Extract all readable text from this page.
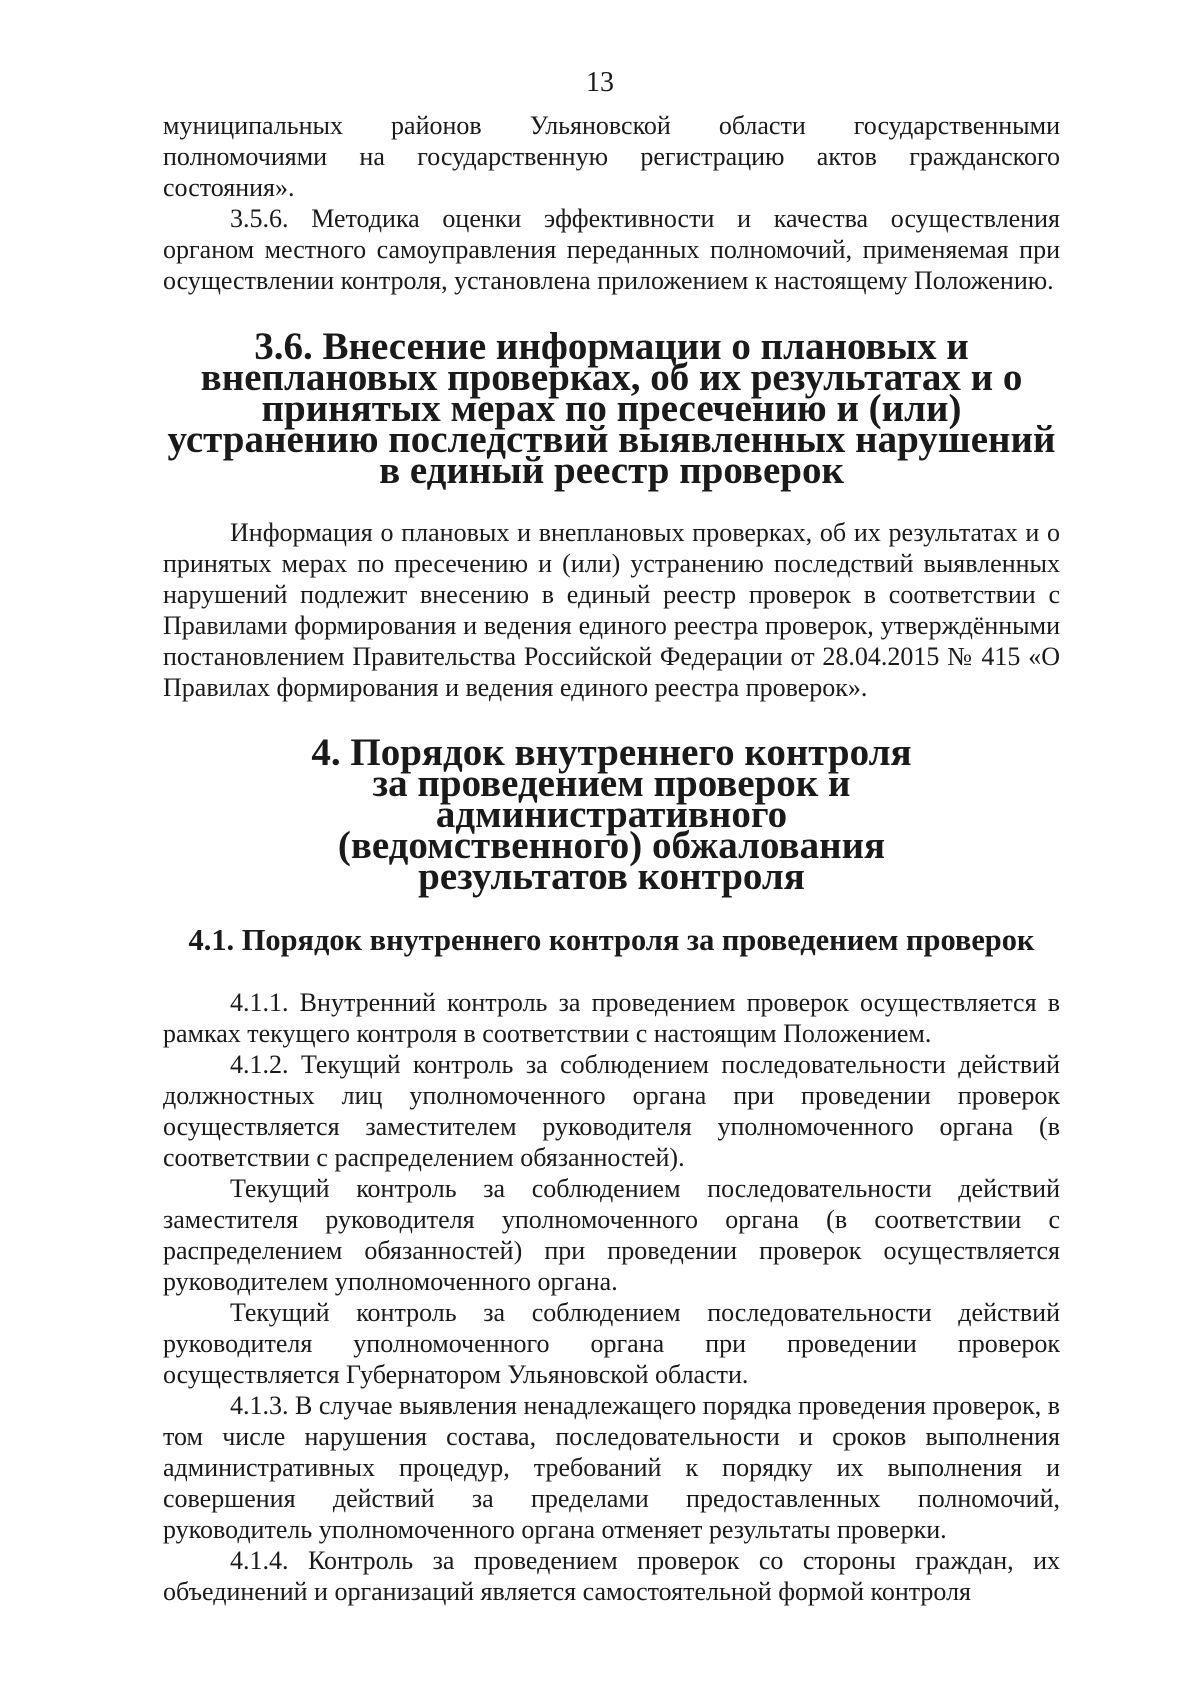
13

муниципальных районов Ульяновской области государственными полномочиями на государственную регистрацию актов гражданского состояния».

3.5.6. Методика оценки эффективности и качества осуществления органом местного самоуправления переданных полномочий, применяемая при осуществлении контроля, установлена приложением к настоящему Положению.

3.6. Внесение информации о плановых и внеплановых проверках, об их результатах и о принятых мерах по пресечению и (или) устранению последствий выявленных нарушений в единый реестр проверок

Информация о плановых и внеплановых проверках, об их результатах и о принятых мерах по пресечению и (или) устранению последствий выявленных нарушений подлежит внесению в единый реестр проверок в соответствии с Правилами формирования и ведения единого реестра проверок, утверждёнными постановлением Правительства Российской Федерации от 28.04.2015 № 415 «О Правилах формирования и ведения единого реестра проверок».

4. Порядок внутреннего контроля за проведением проверок и административного (ведомственного) обжалования результатов контроля
4.1. Порядок внутреннего контроля за проведением проверок

4.1.1. Внутренний контроль за проведением проверок осуществляется в рамках текущего контроля в соответствии с настоящим Положением.

4.1.2. Текущий контроль за соблюдением последовательности действий должностных лиц уполномоченного органа при проведении проверок осуществляется заместителем руководителя уполномоченного органа (в соответствии с распределением обязанностей).

Текущий контроль за соблюдением последовательности действий заместителя руководителя уполномоченного органа (в соответствии с распределением обязанностей) при проведении проверок осуществляется руководителем уполномоченного органа.

Текущий контроль за соблюдением последовательности действий руководителя уполномоченного органа при проведении проверок осуществляется Губернатором Ульяновской области.

4.1.3. В случае выявления ненадлежащего порядка проведения проверок, в том числе нарушения состава, последовательности и сроков выполнения административных процедур, требований к порядку их выполнения и совершения действий за пределами предоставленных полномочий, руководитель уполномоченного органа отменяет результаты проверки.

4.1.4. Контроль за проведением проверок со стороны граждан, их объединений и организаций является самостоятельной формой контроля
